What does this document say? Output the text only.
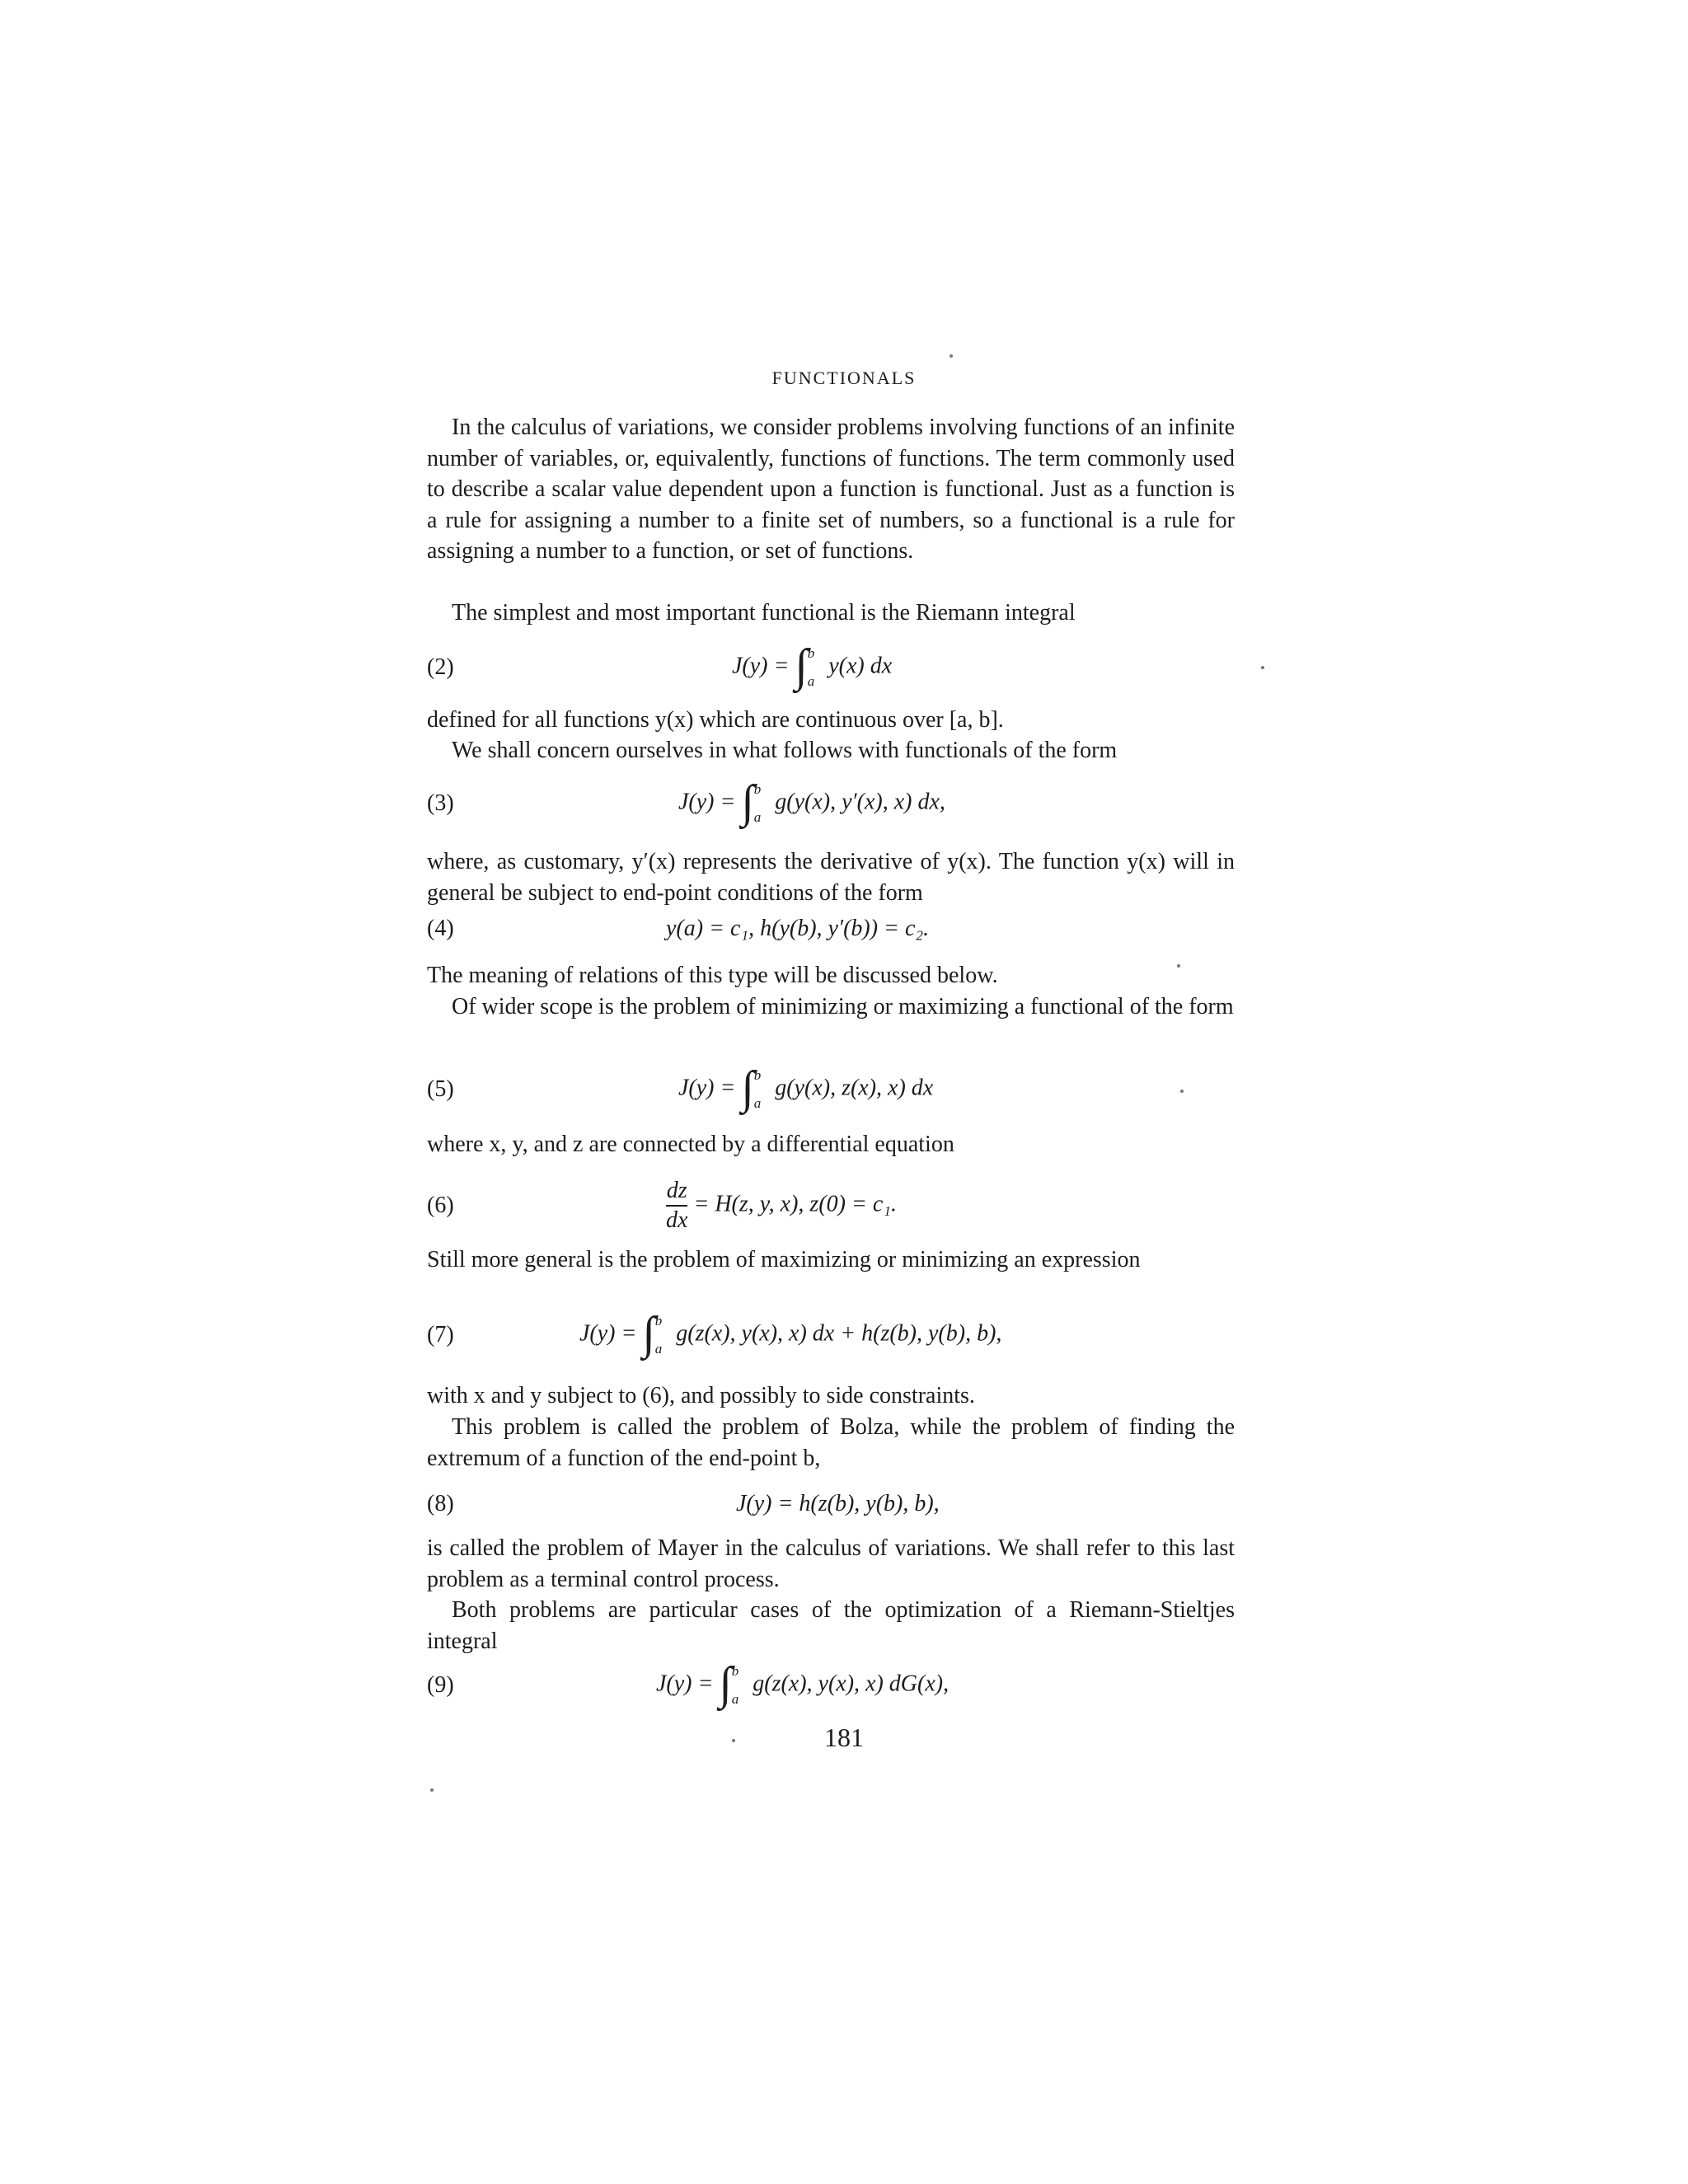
FUNCTIONALS

In the calculus of variations, we consider problems involving functions of an infinite number of variables, or, equivalently, functions of functions. The term commonly used to describe a scalar value dependent upon a function is functional. Just as a function is a rule for assigning a number to a finite set of numbers, so a functional is a rule for assigning a number to a function, or set of functions.

The simplest and most important functional is the Riemann integral

(2)	J(y) = ∫ b
a
y(x) dx

defined for all functions y(x) which are continuous over [a, b].

We shall concern ourselves in what follows with functionals of the form

(3)	J(y) = ∫ b
a
g(y(x), y′(x), x) dx,

where, as customary, y′(x) represents the derivative of y(x). The function y(x) will in general be subject to end-point conditions of the form

(4)	y(a) = c₁, h(y(b), y′(b)) = c₂.

The meaning of relations of this type will be discussed below.

Of wider scope is the problem of minimizing or maximizing a functional of the form

(5)	J(y) = ∫ b
a
g(y(x), z(x), x) dx

where x, y, and z are connected by a differential equation

(6)	$\frac{dz}{dx} = H(z$, y, x), z(0) = c₁.

Still more general is the problem of maximizing or minimizing an expression

(7)	J(y) = ∫ b
a
g(z(x), y(x), x) dx + h(z(b), y(b), b),

with x and y subject to (6), and possibly to side constraints.

This problem is called the problem of Bolza, while the problem of finding the extremum of a function of the end-point b,

(8)	J(y) = h(z(b), y(b), b),

is called the problem of Mayer in the calculus of variations. We shall refer to this last problem as a terminal control process.

Both problems are particular cases of the optimization of a Riemann-Stieltjes integral

(9)	J(y) = ∫ b
a
g(z(x), y(x), x) dG(x),
181
